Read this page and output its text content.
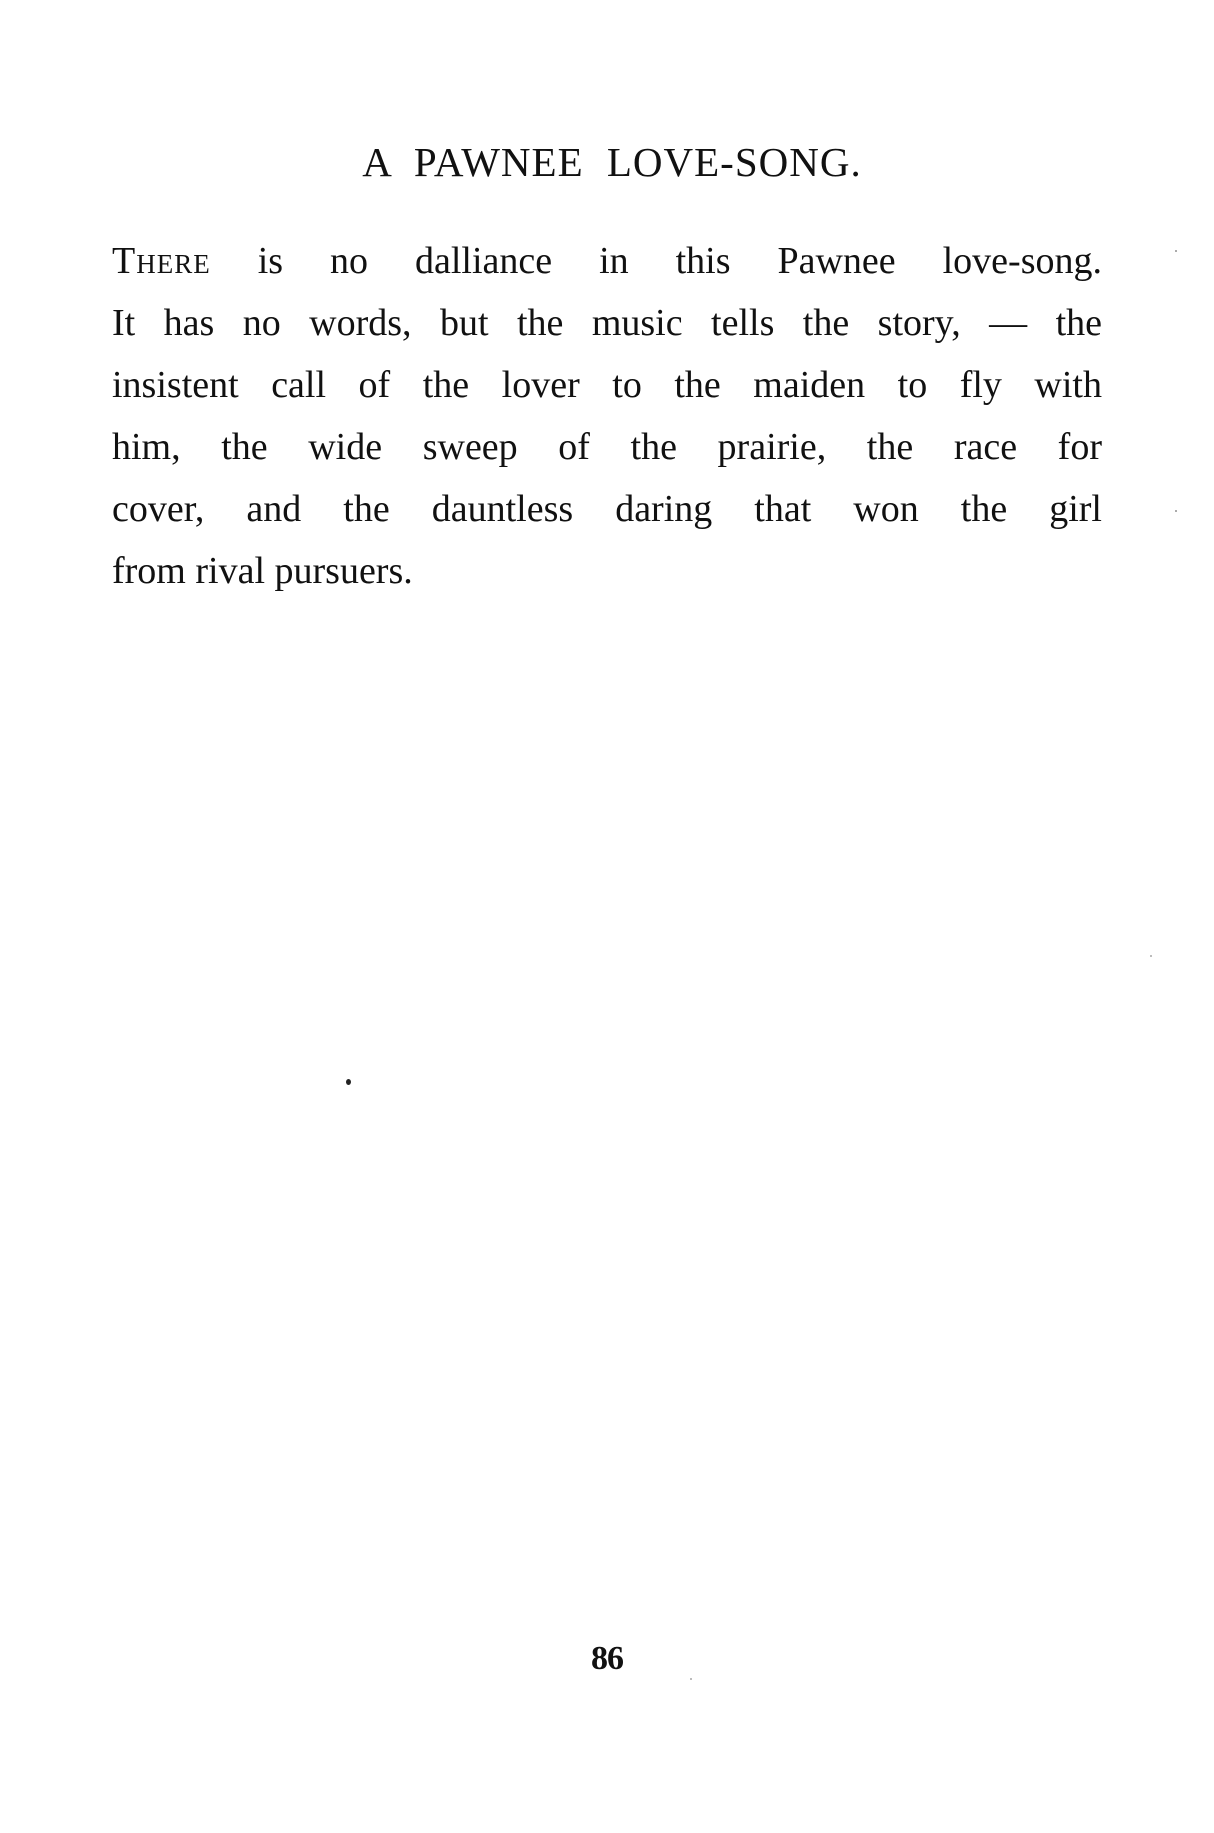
A PAWNEE LOVE-SONG.
There is no dalliance in this Pawnee love-song.
It has no words, but the music tells the story, — the
insistent call of the lover to the maiden to fly with
him, the wide sweep of the prairie, the race for
cover, and the dauntless daring that won the girl
from rival pursuers.
86
